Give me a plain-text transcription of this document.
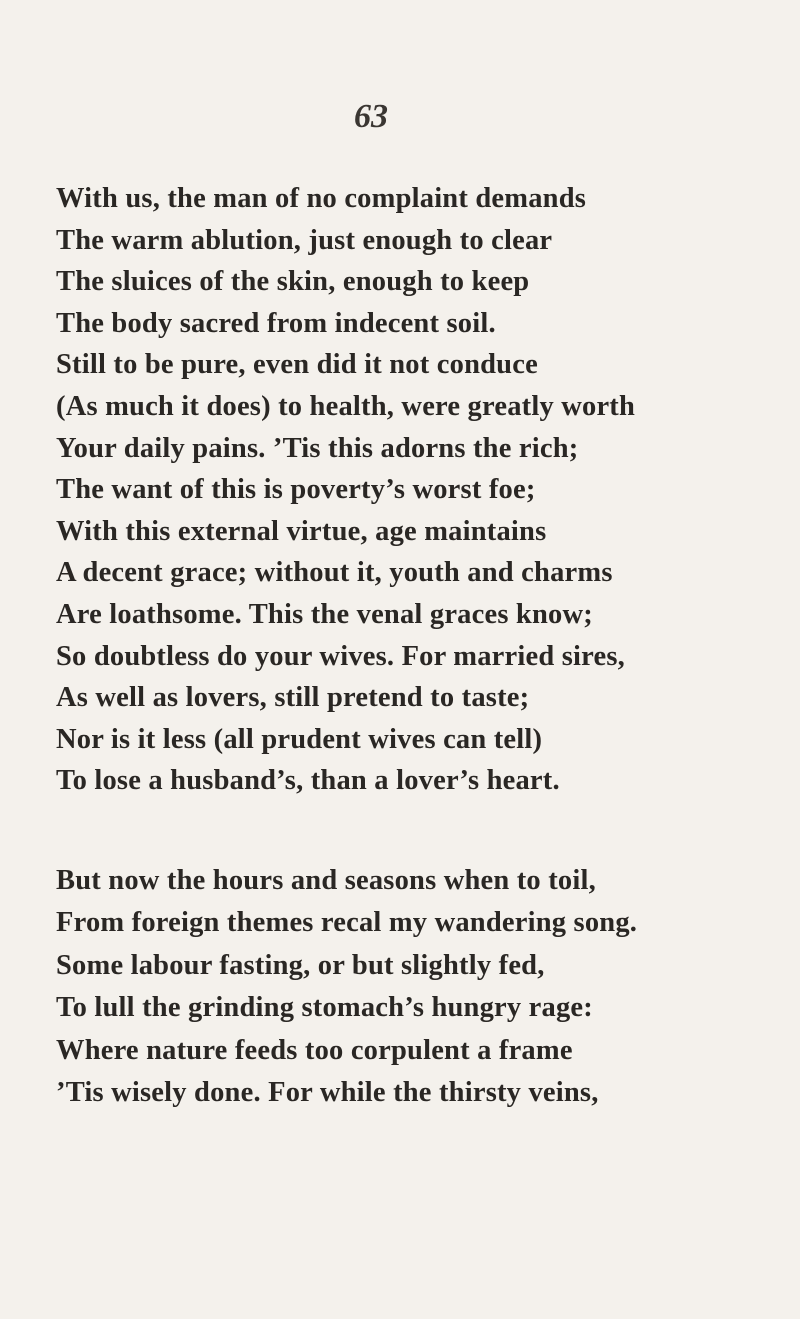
63
With us, the man of no complaint demands
The warm ablution, just enough to clear
The sluices of the skin, enough to keep
The body sacred from indecent soil.
Still to be pure, even did it not conduce
(As much it does) to health, were greatly worth
Your daily pains. ’Tis this adorns the rich;
The want of this is poverty’s worst foe;
With this external virtue, age maintains
A decent grace; without it, youth and charms
Are loathsome. This the venal graces know;
So doubtless do your wives. For married sires,
As well as lovers, still pretend to taste;
Nor is it less (all prudent wives can tell)
To lose a husband’s, than a lover’s heart.
But now the hours and seasons when to toil,
From foreign themes recal my wandering song.
Some labour fasting, or but slightly fed,
To lull the grinding stomach’s hungry rage:
Where nature feeds too corpulent a frame
’Tis wisely done. For while the thirsty veins,
